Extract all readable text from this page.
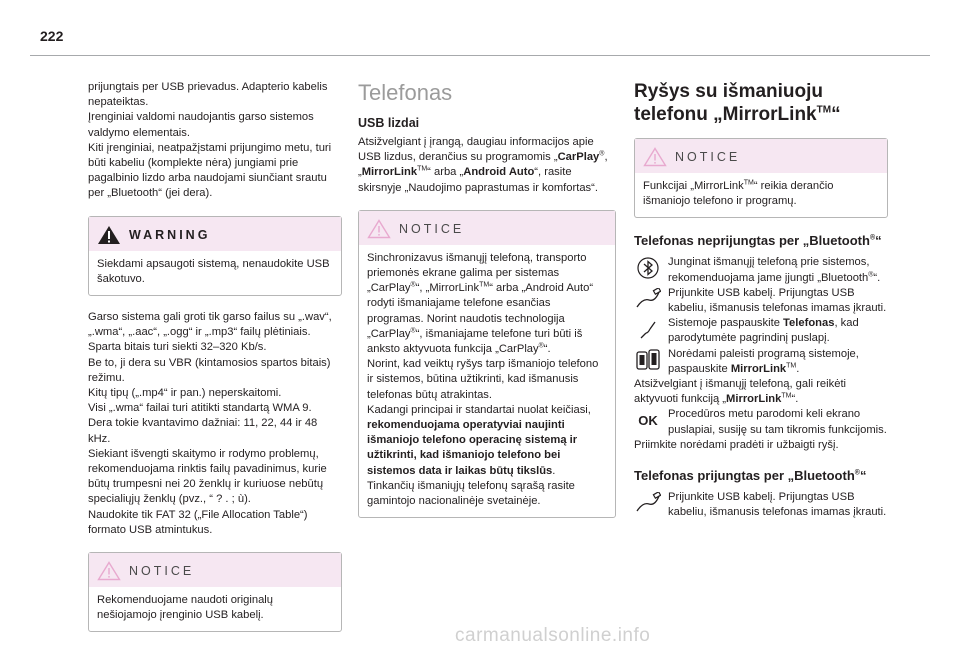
222

prijungtais per USB prievadus. Adapterio kabelis nepateiktas.

Įrenginiai valdomi naudojantis garso sistemos valdymo elementais.

Kiti įrenginiai, neatpažįstami prijungimo metu, turi būti kabeliu (komplekte nėra) jungiami prie pagalbinio lizdo arba naudojami siunčiant srautu per „Bluetooth“ (jei dera).

WARNING
Siekdami apsaugoti sistemą, nenaudokite USB šakotuvo.

Garso sistema gali groti tik garso failus su „.wav“, „.wma“, „.aac“, „.ogg“ ir „.mp3“ failų plėtiniais. Sparta bitais turi siekti 32–320 Kb/s.

Be to, ji dera su VBR (kintamosios spartos bitais) režimu.

Kitų tipų („.mp4“ ir pan.) neperskaitomi.

Visi „.wma“ failai turi atitikti standartą WMA 9.

Dera tokie kvantavimo dažniai: 11, 22, 44 ir 48 kHz.

Siekiant išvengti skaitymo ir rodymo problemų, rekomenduojama rinktis failų pavadinimus, kurie būtų trumpesni nei 20 ženklų ir kuriuose nebūtų specialiųjų ženklų (pvz., “ ? . ; ù).

Naudokite tik FAT 32 („File Allocation Table“) formato USB atmintukus.

NOTICE
Rekomenduojame naudoti originalų nešiojamojo įrenginio USB kabelį.
Telefonas
USB lizdai

Atsižvelgiant į įrangą, daugiau informacijos apie USB lizdus, derančius su programomis „CarPlay®, „MirrorLink™“ arba „Android Auto“, rasite skirsnyje „Naudojimo paprastumas ir komfortas“.

NOTICE
Sinchronizavus išmanųjį telefoną, transporto priemonės ekrane galima per sistemas „CarPlay®“, „MirrorLink™“ arba „Android Auto“ rodyti išmaniajame telefone esančias programas. Norint naudotis technologija „CarPlay®“, išmaniajame telefone turi būti iš anksto aktyvuota funkcija „CarPlay®“.
Norint, kad veiktų ryšys tarp išmaniojo telefono ir sistemos, būtina užtikrinti, kad išmanusis telefonas būtų atrakintas.
Kadangi principai ir standartai nuolat keičiasi, rekomenduojama operatyviai naujinti išmaniojo telefono operacinę sistemą ir užtikrinti, kad išmaniojo telefono bei sistemos data ir laikas būtų tikslūs.
Tinkančių išmaniųjų telefonų sąrašą rasite gamintojo nacionalinėje svetainėje.
Ryšys su išmaniuoju
telefonu „MirrorLink™“
NOTICE
Funkcijai „MirrorLink™“ reikia derančio išmaniojo telefono ir programų.
Telefonas neprijungtas per „Bluetooth®“

Junginat išmanųjį telefoną prie sistemos, rekomenduojama jame įjungti „Bluetooth®“.

Prijunkite USB kabelį. Prijungtas USB kabeliu, išmanusis telefonas imamas įkrauti.

Sistemoje paspauskite Telefonas, kad parodytumėte pagrindinį puslapį.

Norėdami paleisti programą sistemoje, paspauskite MirrorLink™.

Atsižvelgiant į išmanųjį telefoną, gali reikėti aktyvuoti funkciją „MirrorLink™“.

OK Procedūros metu parodomi keli ekrano puslapiai, susiję su tam tikromis funkcijomis.

Priimkite norėdami pradėti ir užbaigti ryšį.

Telefonas prijungtas per „Bluetooth®“

Prijunkite USB kabelį. Prijungtas USB kabeliu, išmanusis telefonas imamas įkrauti.

carmanualsonline.info
